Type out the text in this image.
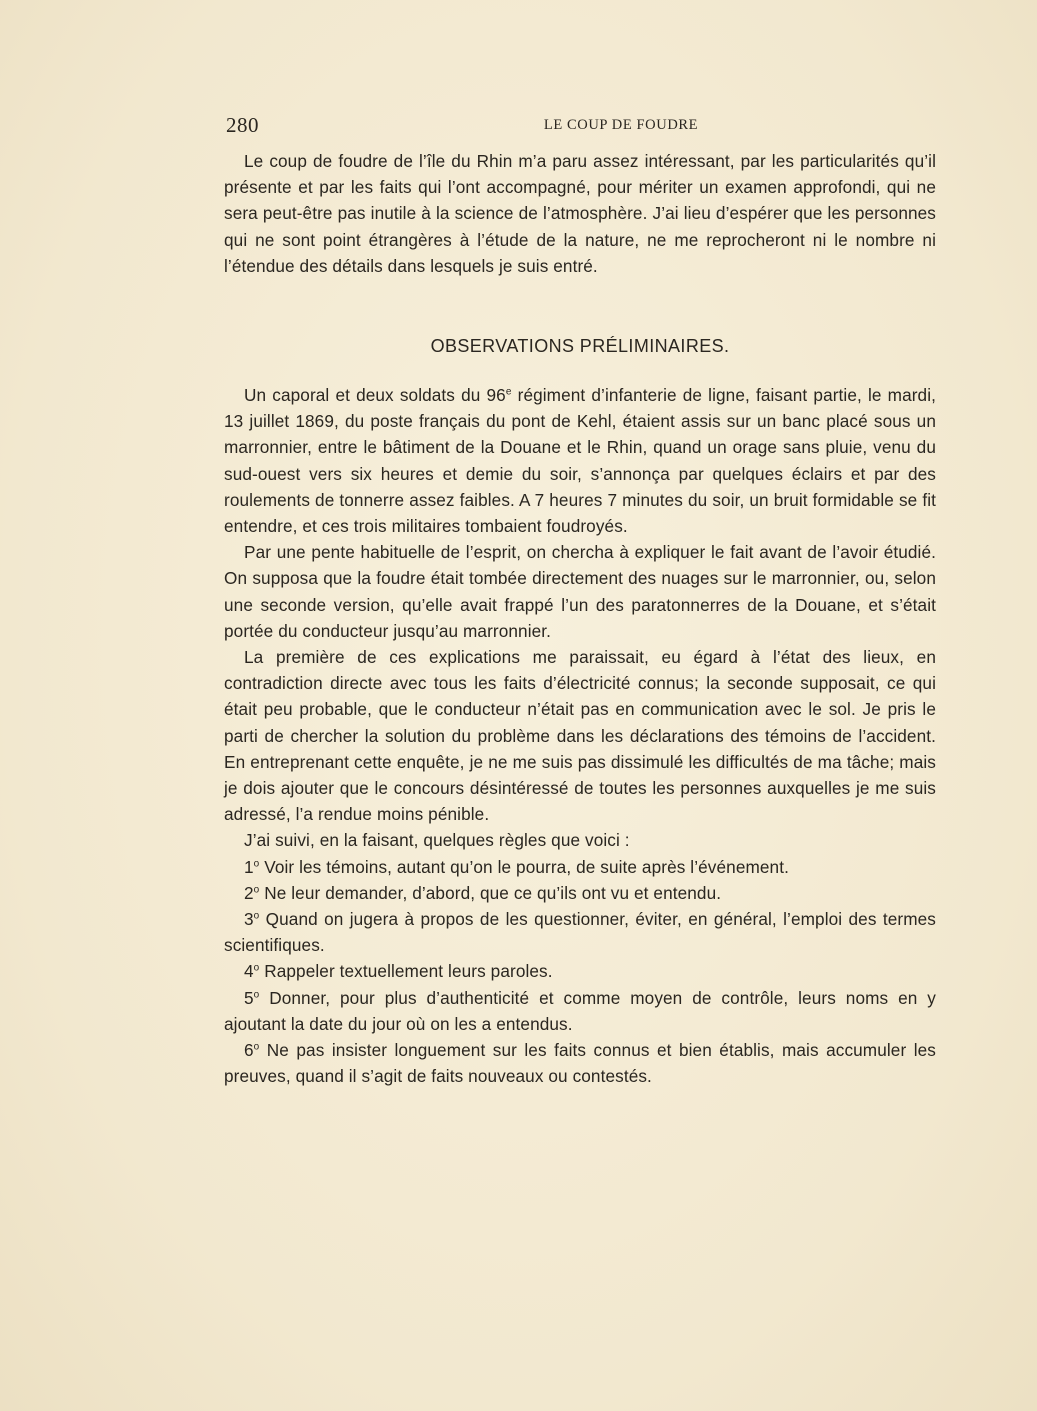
280	LE COUP DE FOUDRE

Le coup de foudre de l’île du Rhin m’a paru assez intéressant, par les particularités qu’il présente et par les faits qui l’ont accompagné, pour mériter un examen approfondi, qui ne sera peut-être pas inutile à la science de l’atmosphère. J’ai lieu d’espérer que les personnes qui ne sont point étrangères à l’étude de la nature, ne me reprocheront ni le nombre ni l’étendue des détails dans lesquels je suis entré.

OBSERVATIONS PRÉLIMINAIRES.

Un caporal et deux soldats du 96e régiment d’infanterie de ligne, faisant partie, le mardi, 13 juillet 1869, du poste français du pont de Kehl, étaient assis sur un banc placé sous un marronnier, entre le bâtiment de la Douane et le Rhin, quand un orage sans pluie, venu du sud-ouest vers six heures et demie du soir, s’annonça par quelques éclairs et par des roulements de tonnerre assez faibles. A 7 heures 7 minutes du soir, un bruit formidable se fit entendre, et ces trois militaires tombaient foudroyés.

Par une pente habituelle de l’esprit, on chercha à expliquer le fait avant de l’avoir étudié. On supposa que la foudre était tombée directement des nuages sur le marronnier, ou, selon une seconde version, qu’elle avait frappé l’un des paratonnerres de la Douane, et s’était portée du conducteur jusqu’au marronnier.

La première de ces explications me paraissait, eu égard à l’état des lieux, en contradiction directe avec tous les faits d’électricité connus; la seconde supposait, ce qui était peu probable, que le conducteur n’était pas en communication avec le sol. Je pris le parti de chercher la solution du problème dans les déclarations des témoins de l’accident. En entreprenant cette enquête, je ne me suis pas dissimulé les difficultés de ma tâche; mais je dois ajouter que le concours désintéressé de toutes les personnes auxquelles je me suis adressé, l’a rendue moins pénible.

J’ai suivi, en la faisant, quelques règles que voici :

1$^o$ Voir les témoins, autant qu’on le pourra, de suite après l’événement.

2$^o$ Ne leur demander, d’abord, que ce qu’ils ont vu et entendu.

3$^o$ Quand on jugera à propos de les questionner, éviter, en général, l’emploi des termes scientifiques.

4$^o$ Rappeler textuellement leurs paroles.

5$^o$ Donner, pour plus d’authenticité et comme moyen de contrôle, leurs noms en y ajoutant la date du jour où on les a entendus.

6$^o$ Ne pas insister longuement sur les faits connus et bien établis, mais accumuler les preuves, quand il s’agit de faits nouveaux ou contestés.
